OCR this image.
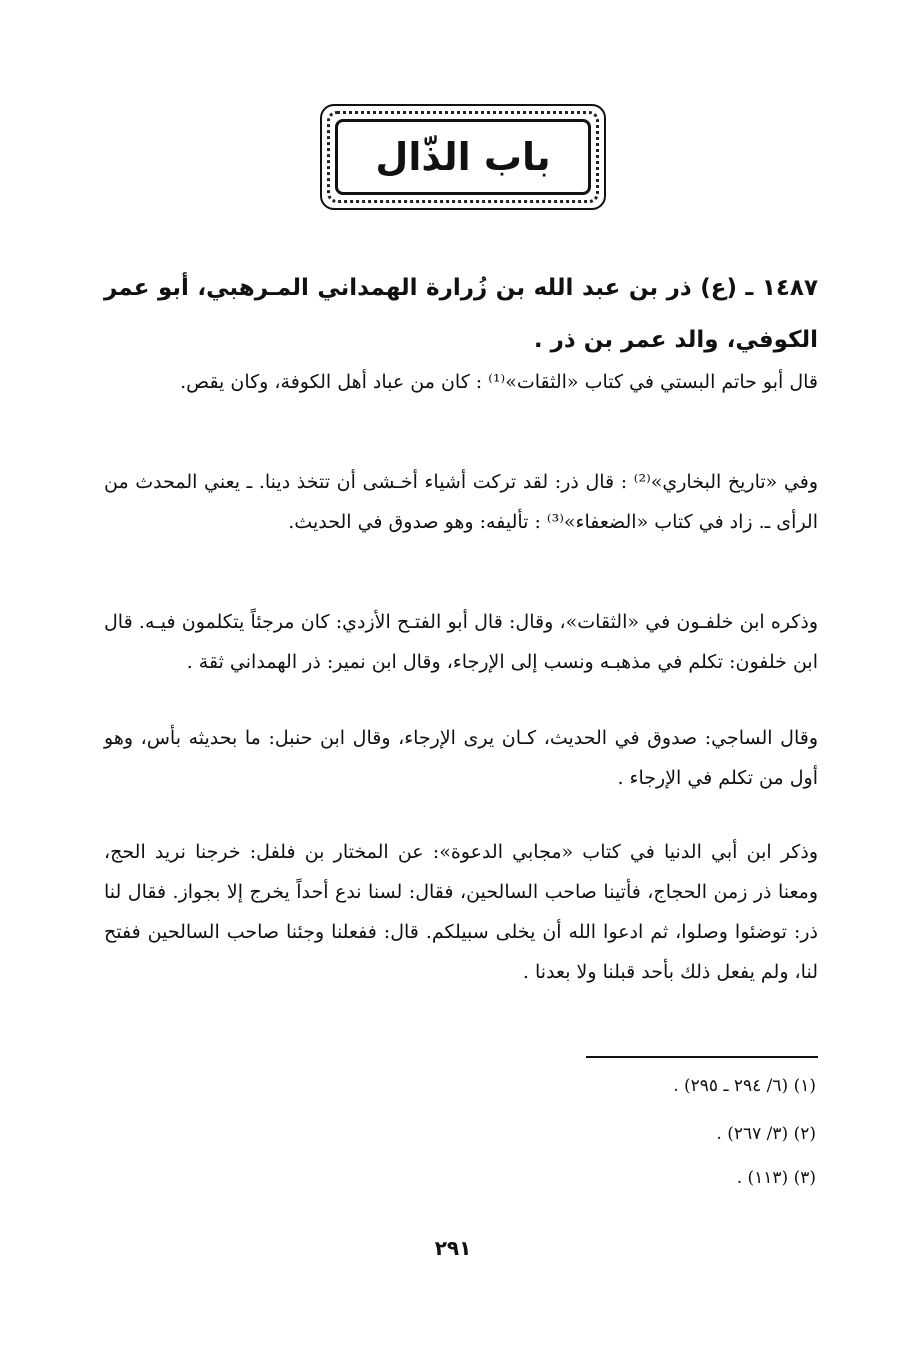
باب الذّال

١٤٨٧ ـ (ع) ذر بن عبد الله بن زُرارة الهمداني المـرهبي، أبو عمر الكوفي، والد عمر بن ذر .

قال أبو حاتم البستي في كتاب «الثقات»⁽¹⁾ : كان من عباد أهل الكوفة، وكان يقص.

وفي «تاريخ البخاري»⁽²⁾ : قال ذر: لقد تركت أشياء أخـشى أن تتخذ دينا. ـ يعني المحدث من الرأى ـ. زاد في كتاب «الضعفاء»⁽³⁾ : تأليفه: وهو صدوق في الحديث.

وذكره ابن خلفـون في «الثقات»، وقال: قال أبو الفتـح الأزدي: كان مرجئاً يتكلمون فيـه. قال ابن خلفون: تكلم في مذهبـه ونسب إلى الإرجاء، وقال ابن نمير: ذر الهمداني ثقة .

وقال الساجي: صدوق في الحديث، كـان يرى الإرجاء، وقال ابن حنبل: ما بحديثه بأس، وهو أول من تكلم في الإرجاء .

وذكر ابن أبي الدنيا في كتاب «مجابي الدعوة»: عن المختار بن فلفل: خرجنا نريد الحج، ومعنا ذر زمن الحجاج، فأتينا صاحب السالحين، فقال: لسنا ندع أحداً يخرج إلا بجواز. فقال لنا ذر: توضئوا وصلوا، ثم ادعوا الله أن يخلى سبيلكم. قال: ففعلنا وجئنا صاحب السالحين ففتح لنا، ولم يفعل ذلك بأحد قبلنا ولا بعدنا .

(١) (٦/ ٢٩٤ ـ ٢٩٥) .

(٢) (٣/ ٢٦٧) .

(٣) (١١٣) .

٢٩١
